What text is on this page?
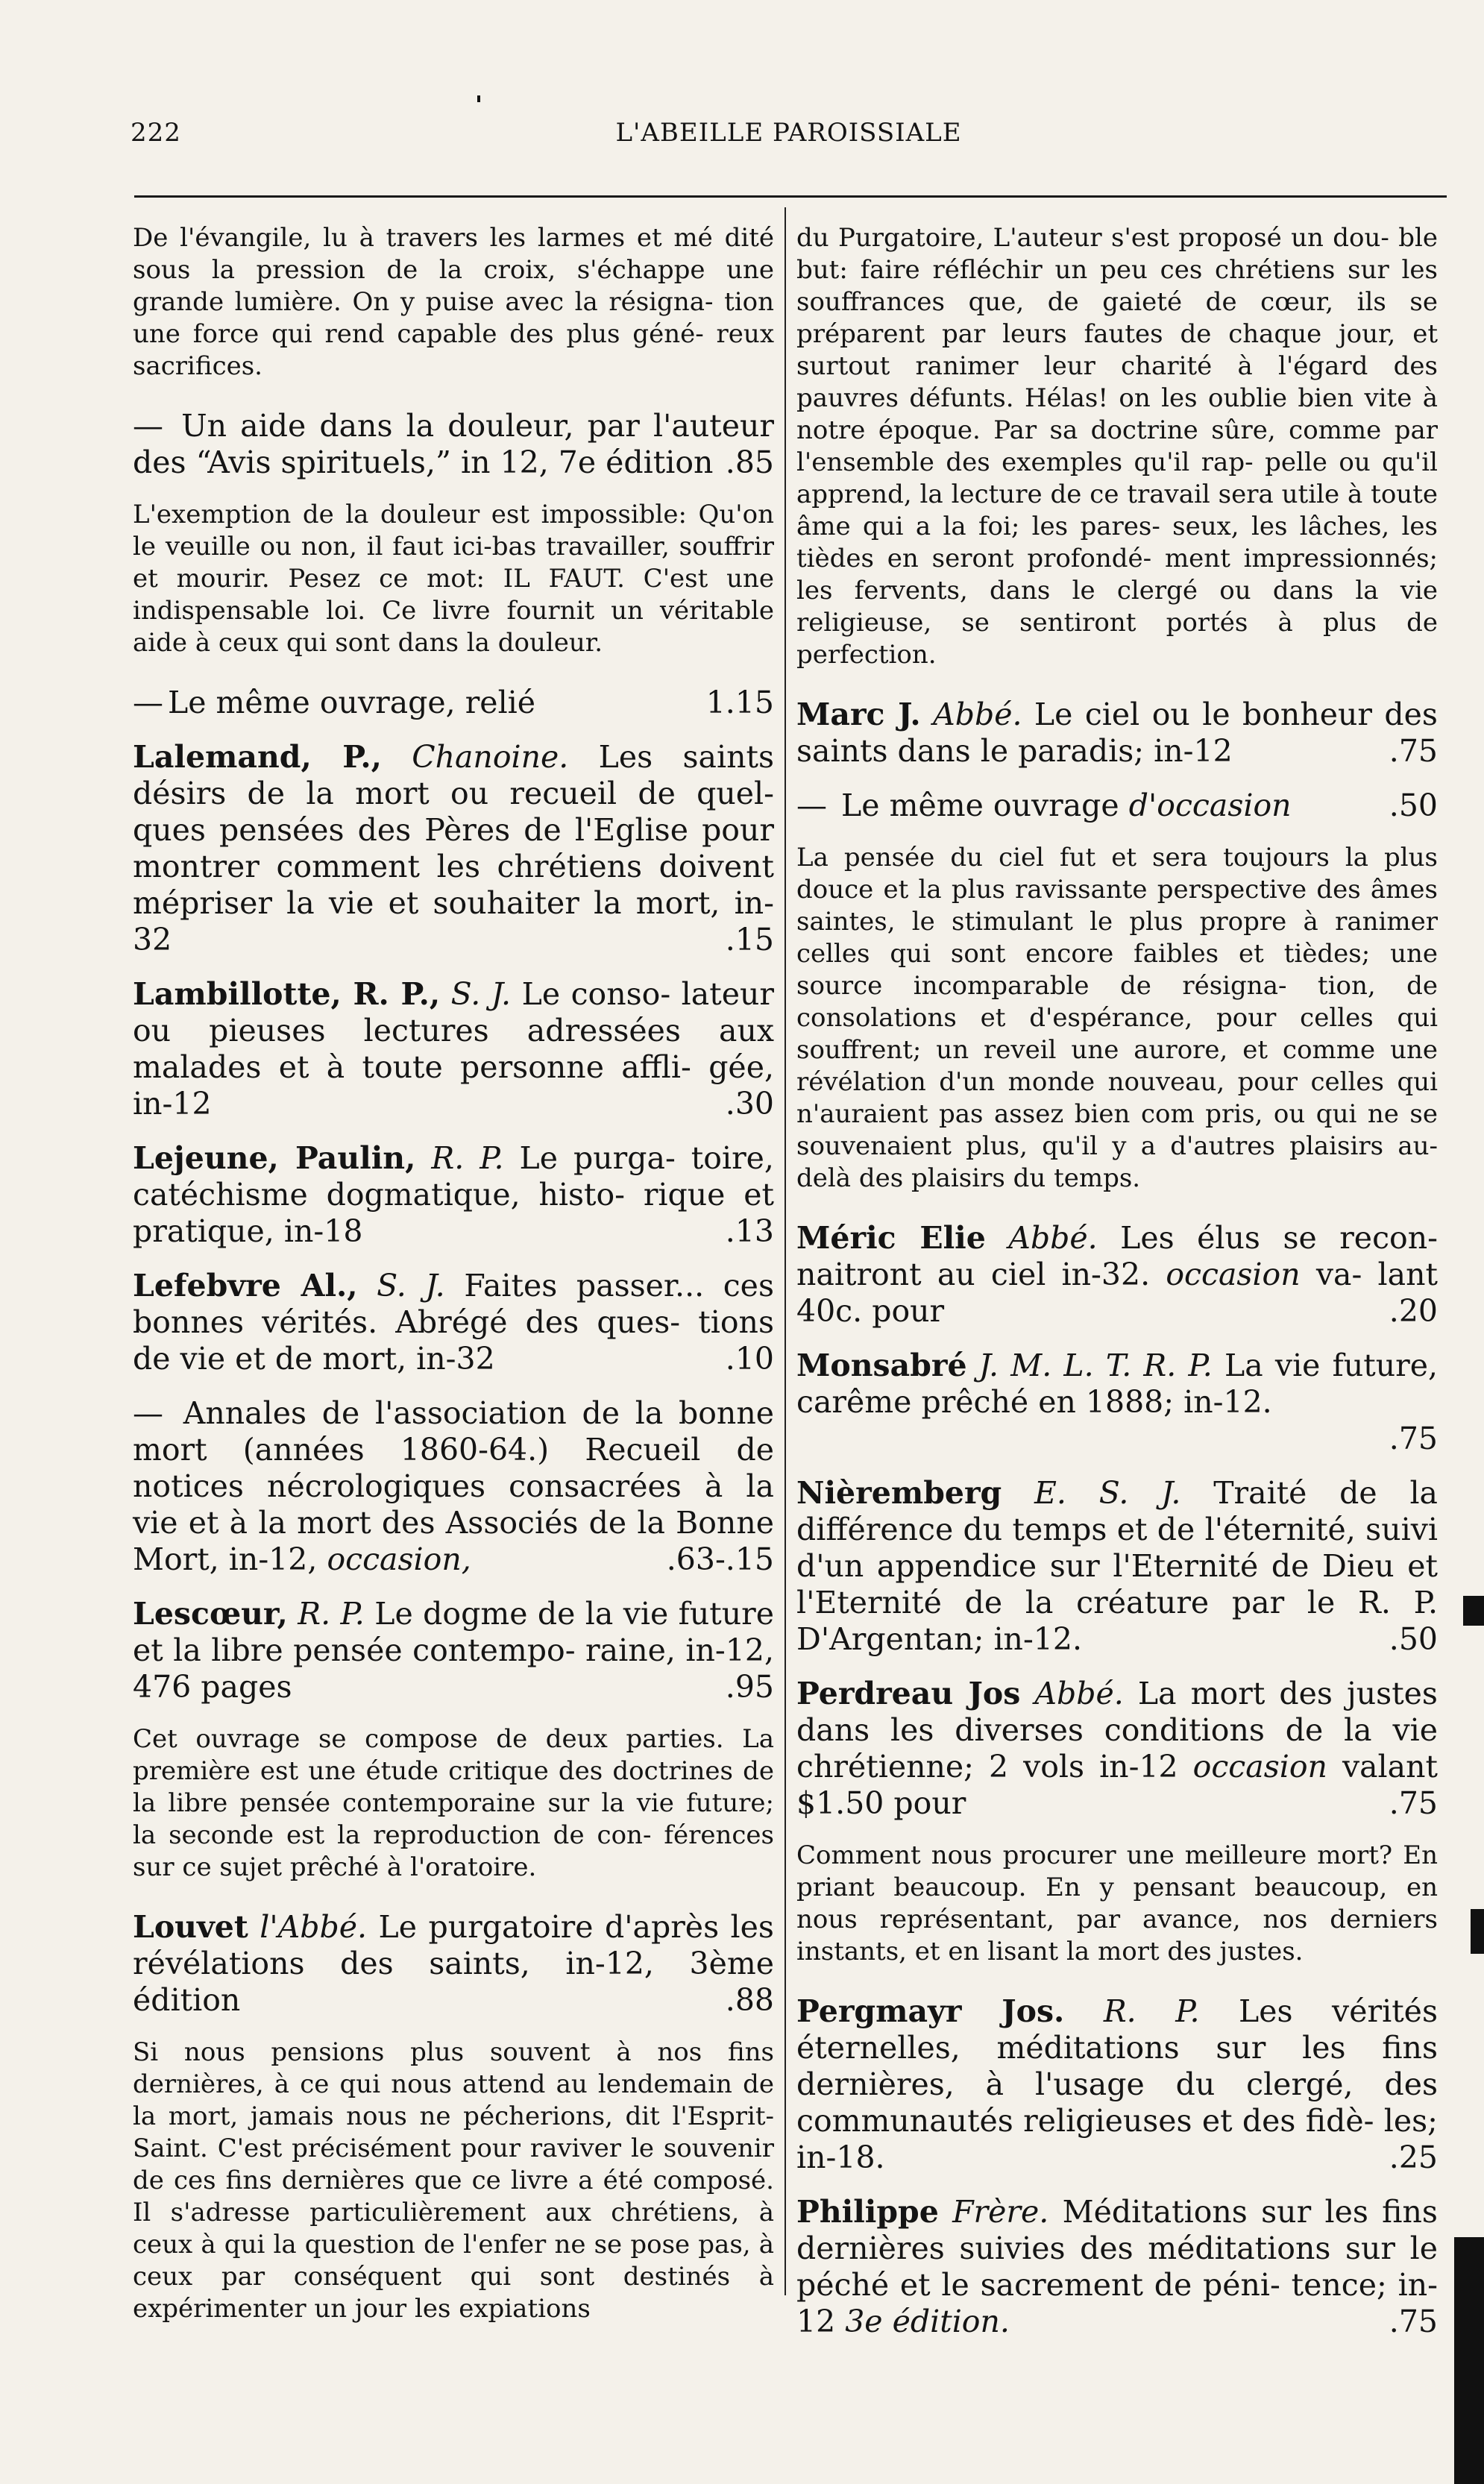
222	L'ABEILLE PAROISSIALE

De l'évangile, lu à travers les larmes et mé dité sous la pression de la croix, s'échappe une grande lumière. On y puise avec la résigna- tion une force qui rend capable des plus géné- reux sacrifices.

— Un aide dans la douleur, par l'auteur des “Avis spirituels,” in 12, 7e édition .85

L'exemption de la douleur est impossible: Qu'on le veuille ou non, il faut ici-bas travailler, souffrir et mourir. Pesez ce mot: IL FAUT. C'est une indispensable loi. Ce livre fournit un véritable aide à ceux qui sont dans la douleur.

— Le même ouvrage, relié	1.15
Lalemand, P., Chanoine. Les saints désirs de la mort ou recueil de quel- ques pensées des Pères de l'Eglise pour montrer comment les chrétiens doivent mépriser la vie et souhaiter la mort, in-32	.15
Lambillotte, R. P., S. J. Le conso- lateur ou pieuses lectures adressées aux malades et à toute personne affli- gée, in-12	.30
Lejeune, Paulin, R. P. Le purga- toire, catéchisme dogmatique, histo- rique et pratique, in-18	.13
Lefebvre Al., S. J. Faites passer... ces bonnes vérités. Abrégé des ques- tions de vie et de mort, in-32	.10
— Annales de l'association de la bonne mort (années 1860-64.) Recueil de notices nécrologiques consacrées à la vie et à la mort des Associés de la Bonne Mort, in-12, occasion,	.63-.15
Lescœur, R. P. Le dogme de la vie future et la libre pensée contempo- raine, in-12, 476 pages	.95

Cet ouvrage se compose de deux parties. La première est une étude critique des doctrines de la libre pensée contemporaine sur la vie future; la seconde est la reproduction de con- férences sur ce sujet prêché à l'oratoire.

Louvet l'Abbé. Le purgatoire d'après les révélations des saints, in-12, 3ème édition	.88

Si nous pensions plus souvent à nos fins dernières, à ce qui nous attend au lendemain de la mort, jamais nous ne pécherions, dit l'Esprit-Saint. C'est précisément pour raviver le souvenir de ces fins dernières que ce livre a été composé. Il s'adresse particulièrement aux chrétiens, à ceux à qui la question de l'enfer ne se pose pas, à ceux par conséquent qui sont destinés à expérimenter un jour les expiations

du Purgatoire, L'auteur s'est proposé un dou- ble but: faire réfléchir un peu ces chrétiens sur les souffrances que, de gaieté de cœur, ils se préparent par leurs fautes de chaque jour, et surtout ranimer leur charité à l'égard des pauvres défunts. Hélas! on les oublie bien vite à notre époque. Par sa doctrine sûre, comme par l'ensemble des exemples qu'il rap- pelle ou qu'il apprend, la lecture de ce travail sera utile à toute âme qui a la foi; les pares- seux, les lâches, les tièdes en seront profondé- ment impressionnés; les fervents, dans le clergé ou dans la vie religieuse, se sentiront portés à plus de perfection.

Marc J. Abbé. Le ciel ou le bonheur des saints dans le paradis; in-12	.75
— Le même ouvrage d'occasion	.50

La pensée du ciel fut et sera toujours la plus douce et la plus ravissante perspective des âmes saintes, le stimulant le plus propre à ranimer celles qui sont encore faibles et tièdes; une source incomparable de résigna- tion, de consolations et d'espérance, pour celles qui souffrent; un reveil une aurore, et comme une révélation d'un monde nouveau, pour celles qui n'auraient pas assez bien com pris, ou qui ne se souvenaient plus, qu'il y a d'autres plaisirs au-delà des plaisirs du temps.

Méric Elie Abbé. Les élus se recon- naitront au ciel in-32. occasion va- lant 40c. pour	.20
Monsabré J. M. L. T. R. P. La vie future, carême prêché en 1888; in-12.
.75
Nièremberg E. S. J. Traité de la différence du temps et de l'éternité, suivi d'un appendice sur l'Eternité de Dieu et l'Eternité de la créature par le R. P. D'Argentan; in-12.	.50
Perdreau Jos Abbé. La mort des justes dans les diverses conditions de la vie chrétienne; 2 vols in-12 occasion valant $1.50 pour	.75

Comment nous procurer une meilleure mort? En priant beaucoup. En y pensant beaucoup, en nous représentant, par avance, nos derniers instants, et en lisant la mort des justes.

Pergmayr Jos. R. P. Les vérités éternelles, méditations sur les fins dernières, à l'usage du clergé, des communautés religieuses et des fidè- les; in-18.	.25
Philippe Frère. Méditations sur les fins dernières suivies des méditations sur le péché et le sacrement de péni- tence; in-12 3e édition.	.75
